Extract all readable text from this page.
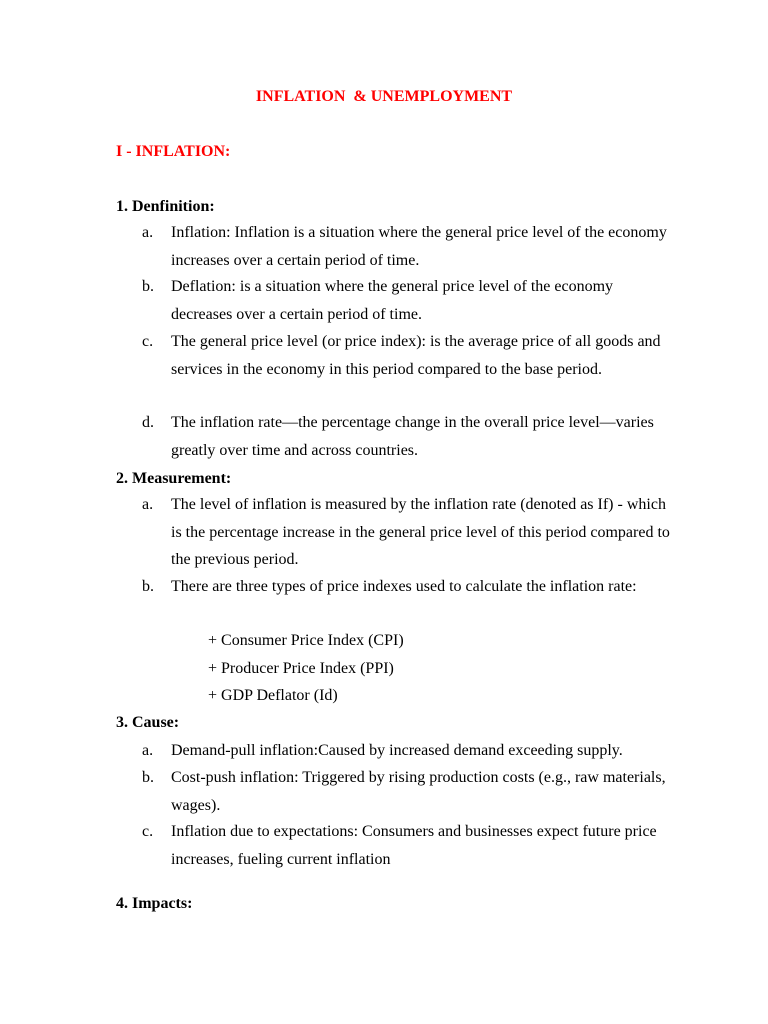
INFLATION  & UNEMPLOYMENT
I - INFLATION:
1. Denfinition:
a.	Inflation: Inflation is a situation where the general price level of the economy increases over a certain period of time.
b.	Deflation: is a situation where the general price level of the economy decreases over a certain period of time.
c.	The general price level (or price index): is the average price of all goods and services in the economy in this period compared to the base period.
d.	The inflation rate—the percentage change in the overall price level—varies greatly over time and across countries.
2. Measurement:
a.	The level of inflation is measured by the inflation rate (denoted as If) - which is the percentage increase in the general price level of this period compared to the previous period.
b.	There are three types of price indexes used to calculate the inflation rate:
+ Consumer Price Index (CPI)
+ Producer Price Index (PPI)
+ GDP Deflator (Id)
3. Cause:
a.	Demand-pull inflation:Caused by increased demand exceeding supply.
b.	Cost-push inflation: Triggered by rising production costs (e.g., raw materials, wages).
c.	Inflation due to expectations: Consumers and businesses expect future price increases, fueling current inflation
4. Impacts:
